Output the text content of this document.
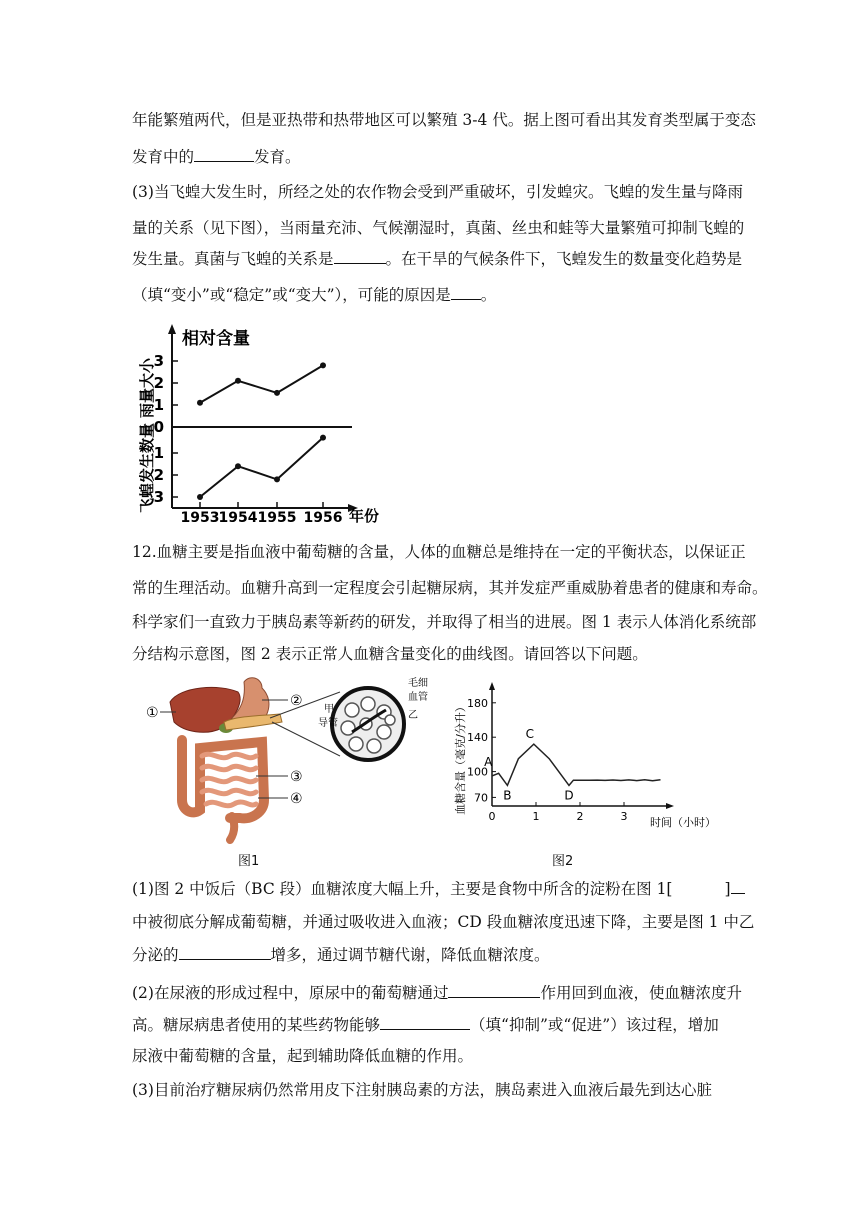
年能繁殖两代，但是亚热带和热带地区可以繁殖 3-4 代。据上图可看出其发育类型属于变态
发育中的	发育。
(3)当飞蝗大发生时，所经之处的农作物会受到严重破坏，引发蝗灾。飞蝗的发生量与降雨
量的关系（见下图），当雨量充沛、气候潮湿时，真菌、丝虫和蛙等大量繁殖可抑制飞蝗的
发生量。真菌与飞蝗的关系是	。在干旱的气候条件下，飞蝗发生的数量变化趋势是
（填“变小”或“稳定”或“变大”），可能的原因是 。
相对含量
雨量大小
飞蝗发生数量
0
年份
3
2
1
1
2
3
1953 1954 1955 1956
12.血糖主要是指血液中葡萄糖的含量，人体的血糖总是维持在一定的平衡状态，以保证正
常的生理活动。血糖升高到一定程度会引起糖尿病，其并发症严重威胁着患者的健康和寿命。
科学家们一直致力于胰岛素等新药的研发，并取得了相当的进展。图 1 表示人体消化系统部
分结构示意图，图 2 表示正常人血糖含量变化的曲线图。请回答以下问题。
①
②
③
④
毛细
血管
甲
导管
乙
图1
血糖含量（毫克/分升）
时间（小时）
180
140
100
70
0	1	2	3
A
B
C
D
图2
(1)图 2 中饭后（BC 段）血糖浓度大幅上升，主要是食物中所含的淀粉在图 1[	]
中被彻底分解成葡萄糖，并通过吸收进入血液；CD 段血糖浓度迅速下降，主要是图 1 中乙
分泌的	增多，通过调节糖代谢，降低血糖浓度。
(2)在尿液的形成过程中，原尿中的葡萄糖通过	作用回到血液，使血糖浓度升
高。糖尿病患者使用的某些药物能够	（填“抑制”或“促进”）该过程，增加
尿液中葡萄糖的含量，起到辅助降低血糖的作用。
(3)目前治疗糖尿病仍然常用皮下注射胰岛素的方法，胰岛素进入血液后最先到达心脏
